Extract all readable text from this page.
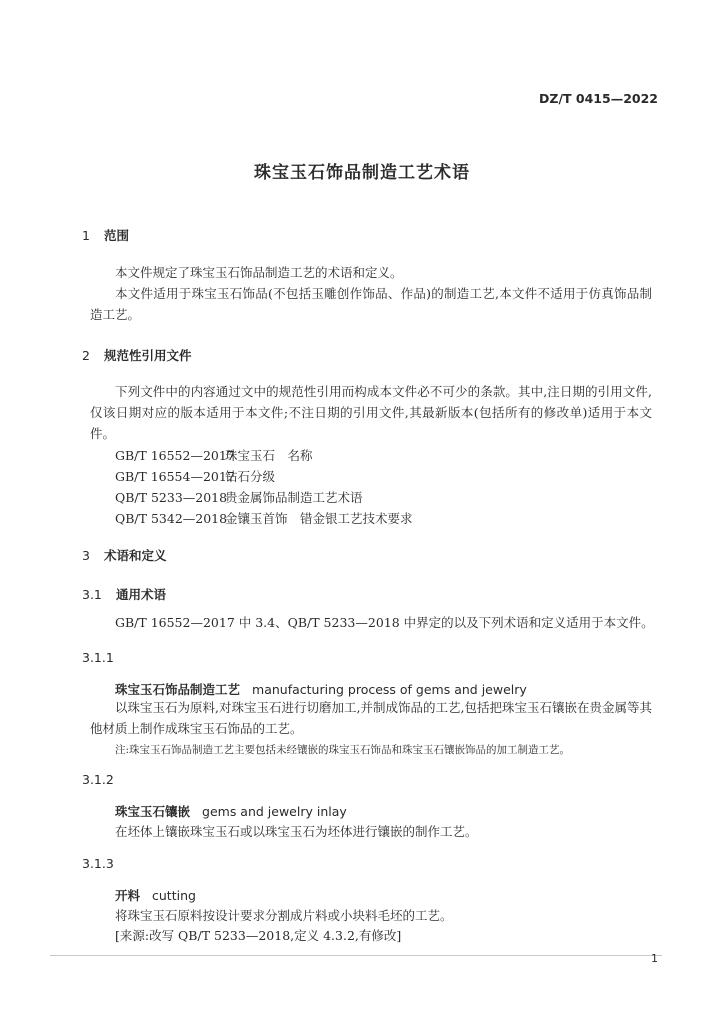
DZ/T 0415—2022
珠宝玉石饰品制造工艺术语
1 范围

本文件规定了珠宝玉石饰品制造工艺的术语和定义。

本文件适用于珠宝玉石饰品(不包括玉雕创作饰品、作品)的制造工艺,本文件不适用于仿真饰品制造工艺。

2 规范性引用文件

下列文件中的内容通过文中的规范性引用而构成本文件必不可少的条款。其中,注日期的引用文件,仅该日期对应的版本适用于本文件;不注日期的引用文件,其最新版本(包括所有的修改单)适用于本文件。

GB/T 16552—2017珠宝玉石　名称
GB/T 16554—2017钻石分级
QB/T 5233—2018贵金属饰品制造工艺术语
QB/T 5342—2018金镶玉首饰　错金银工艺技术要求
3 术语和定义
3.1 通用术语
GB/T 16552—2017 中 3.4、QB/T 5233—2018 中界定的以及下列术语和定义适用于本文件。
3.1.1
珠宝玉石饰品制造工艺 manufacturing process of gems and jewelry

以珠宝玉石为原料,对珠宝玉石进行切磨加工,并制成饰品的工艺,包括把珠宝玉石镶嵌在贵金属等其他材质上制作成珠宝玉石饰品的工艺。

注:珠宝玉石饰品制造工艺主要包括未经镶嵌的珠宝玉石饰品和珠宝玉石镶嵌饰品的加工制造工艺。
3.1.2
珠宝玉石镶嵌 gems and jewelry inlay
在坯体上镶嵌珠宝玉石或以珠宝玉石为坯体进行镶嵌的制作工艺。
3.1.3
开料 cutting
将珠宝玉石原料按设计要求分割成片料或小块料毛坯的工艺。
[来源:改写 QB/T 5233—2018,定义 4.3.2,有修改]
1
